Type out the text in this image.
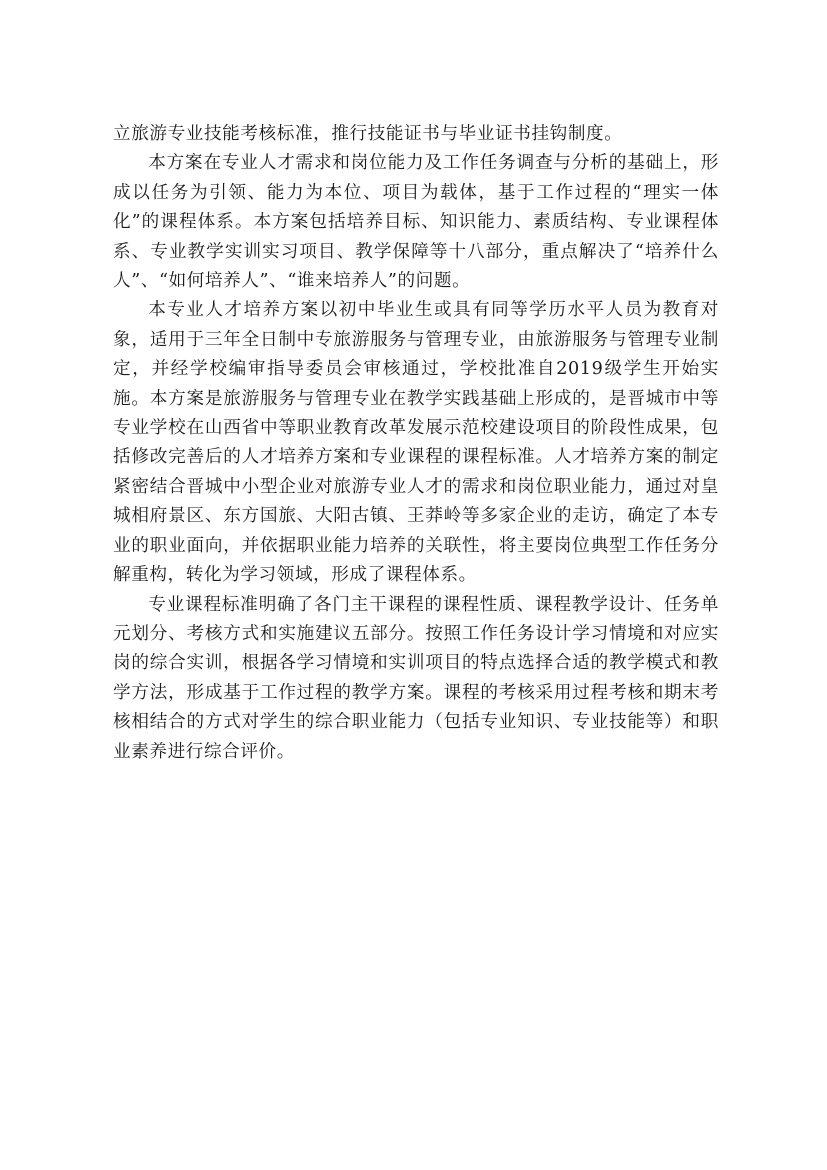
立旅游专业技能考核标准，推行技能证书与毕业证书挂钩制度。

本方案在专业人才需求和岗位能力及工作任务调查与分析的基础上，形成以任务为引领、能力为本位、项目为载体，基于工作过程的“理实一体化”的课程体系。本方案包括培养目标、知识能力、素质结构、专业课程体系、专业教学实训实习项目、教学保障等十八部分，重点解决了“培养什么人”、“如何培养人”、“谁来培养人”的问题。

本专业人才培养方案以初中毕业生或具有同等学历水平人员为教育对象，适用于三年全日制中专旅游服务与管理专业，由旅游服务与管理专业制定，并经学校编审指导委员会审核通过，学校批准自2019级学生开始实施。本方案是旅游服务与管理专业在教学实践基础上形成的，是晋城市中等专业学校在山西省中等职业教育改革发展示范校建设项目的阶段性成果，包括修改完善后的人才培养方案和专业课程的课程标准。人才培养方案的制定紧密结合晋城中小型企业对旅游专业人才的需求和岗位职业能力，通过对皇城相府景区、东方国旅、大阳古镇、王莽岭等多家企业的走访，确定了本专业的职业面向，并依据职业能力培养的关联性，将主要岗位典型工作任务分解重构，转化为学习领域，形成了课程体系。

专业课程标准明确了各门主干课程的课程性质、课程教学设计、任务单元划分、考核方式和实施建议五部分。按照工作任务设计学习情境和对应实岗的综合实训，根据各学习情境和实训项目的特点选择合适的教学模式和教学方法，形成基于工作过程的教学方案。课程的考核采用过程考核和期末考核相结合的方式对学生的综合职业能力（包括专业知识、专业技能等）和职业素养进行综合评价。
